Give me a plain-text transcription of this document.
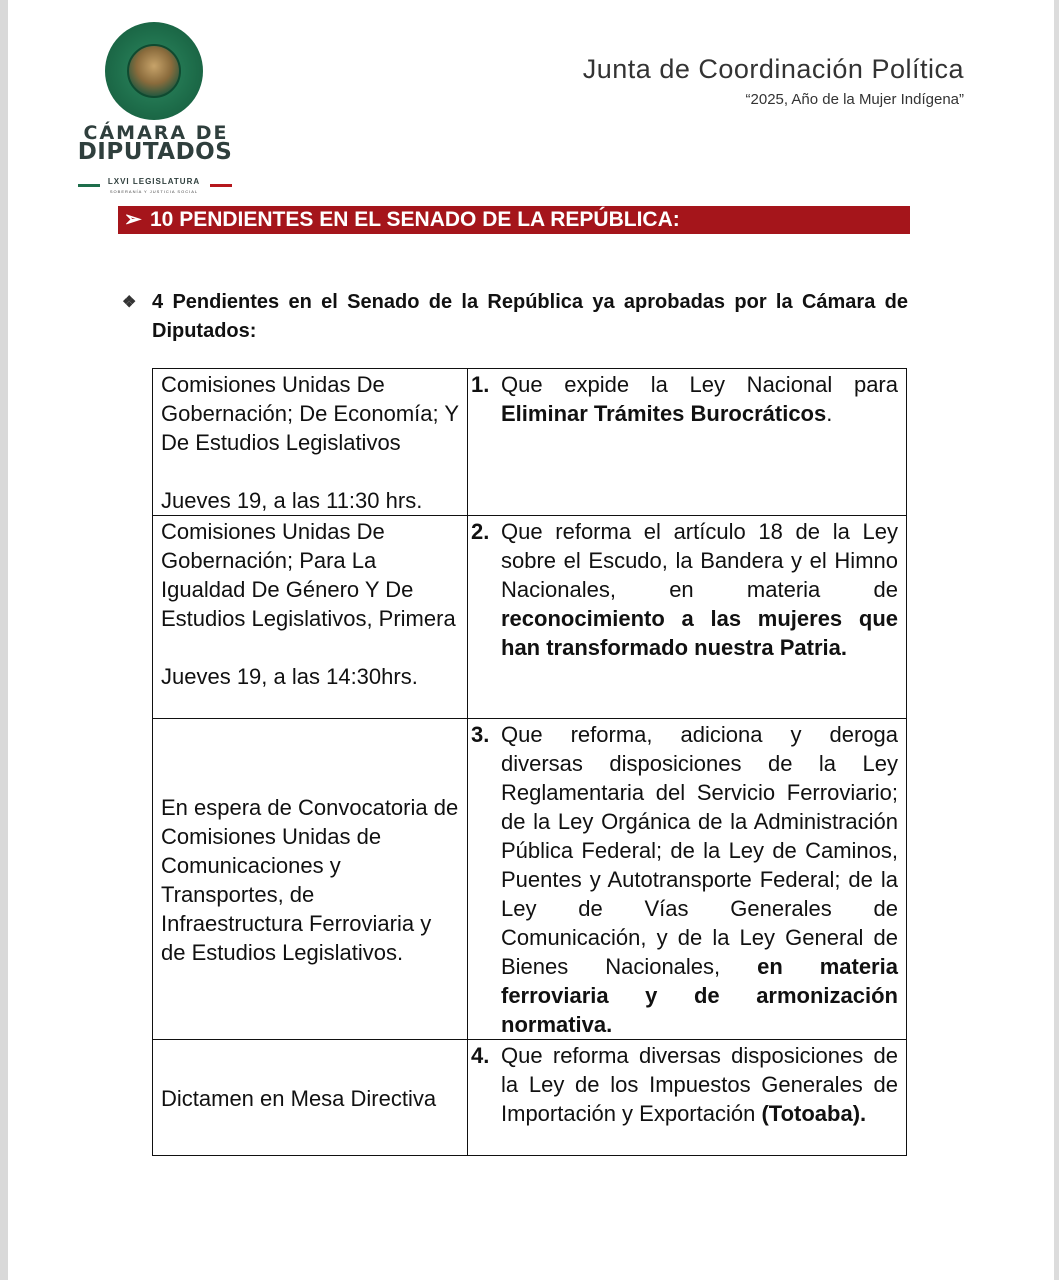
CÁMARA DE
DIPUTADOS
LXVI LEGISLATURA
SOBERANÍA Y JUSTICIA SOCIAL
Junta de Coordinación Política
“2025, Año de la Mujer Indígena”
➢ 10 PENDIENTES EN EL SENADO DE LA REPÚBLICA:
❖ 4 Pendientes en el Senado de la República ya aprobadas por la Cámara de Diputados:
Comisiones Unidas De Gobernación; De Economía; Y De Estudios Legislativos
Jueves 19, a las 11:30 hrs.	1. Que expide la Ley Nacional para Eliminar Trámites Burocráticos.

Comisiones Unidas De Gobernación; Para La Igualdad De Género Y De Estudios Legislativos, Primera
Jueves 19, a las 14:30hrs.	2. Que reforma el artículo 18 de la Ley sobre el Escudo, la Bandera y el Himno Nacionales, en materia de reconocimiento a las mujeres que han transformado nuestra Patria.

En espera de Convocatoria de Comisiones Unidas de Comunicaciones y Transportes, de Infraestructura Ferroviaria y de Estudios Legislativos.	3. Que reforma, adiciona y deroga diversas disposiciones de la Ley Reglamentaria del Servicio Ferroviario; de la Ley Orgánica de la Administración Pública Federal; de la Ley de Caminos, Puentes y Autotransporte Federal; de la Ley de Vías Generales de Comunicación, y de la Ley General de Bienes Nacionales, en materia ferroviaria y de armonización normativa.

Dictamen en Mesa Directiva	4. Que reforma diversas disposiciones de la Ley de los Impuestos Generales de Importación y Exportación (Totoaba).
